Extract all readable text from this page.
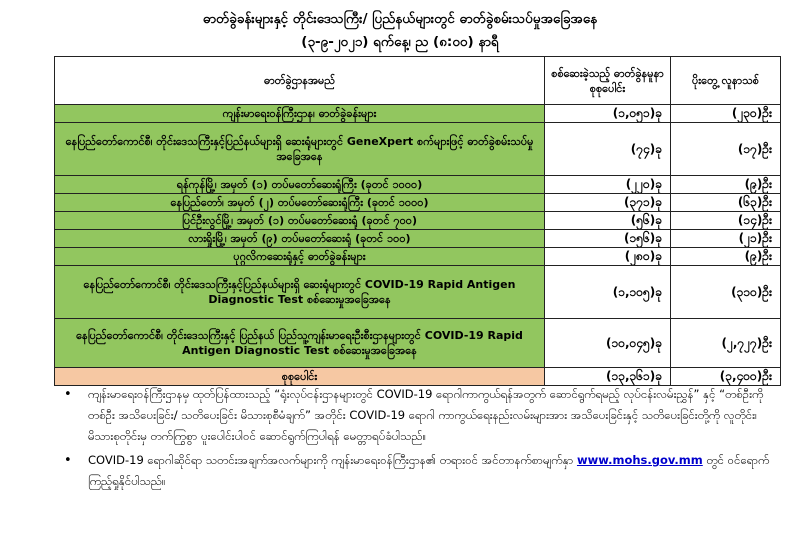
ဓာတ်ခွဲခန်းများနှင့် တိုင်းဒေသကြီး/ ပြည်နယ်များတွင် ဓာတ်ခွဲစမ်းသပ်မှုအခြေအနေ
(၃-၉-၂၀၂၁) ရက်နေ့၊ ည (၈:၀၀) နာရီ
ဓာတ်ခွဲဌာနအမည်	စစ်ဆေးခဲ့သည့် ဓာတ်ခွဲနမူနာ စုစုပေါင်း	ပိုးတွေ့ လူနာသစ်
ကျန်းမာရေးဝန်ကြီးဌာန၊ ဓာတ်ခွဲခန်းများ	(၁,၀၅၁)ခု	(၂၃၀)ဦး
နေပြည်တော်ကောင်စီ၊ တိုင်းဒေသကြီးနှင့်ပြည်နယ်များရှိ ဆေးရုံများတွင် GeneXpert စက်များဖြင့် ဓာတ်ခွဲစမ်းသပ်မှုအခြေအနေ	(၇၄)ခု	(၁၇)ဦး
ရန်ကုန်မြို့၊ အမှတ် (၁) တပ်မတော်ဆေးရုံကြီး (ခုတင် ၁၀၀၀)	(၂၂၀)ခု	(၉)ဦး
နေပြည်တော်၊ အမှတ် (၂) တပ်မတော်ဆေးရုံကြီး (ခုတင် ၁၀၀၀)	(၃၇၁)ခု	(၆၃)ဦး
ပြင်ဦးလွင်မြို့၊ အမှတ် (၁) တပ်မတော်ဆေးရုံ (ခုတင် ၇၀၀)	(၅၆)ခု	(၁၄)ဦး
လားရှိုးမြို့၊ အမှတ် (၉) တပ်မတော်ဆေးရုံ (ခုတင် ၁၀၀)	(၁၅၆)ခု	(၂၁)ဦး
ပုဂ္ဂလိကဆေးရုံနှင့် ဓာတ်ခွဲခန်းများ	(၂၈၀)ခု	(၉)ဦး
နေပြည်တော်ကောင်စီ၊ တိုင်းဒေသကြီးနှင့်ပြည်နယ်များရှိ ဆေးရုံများတွင် COVID-19 Rapid Antigen Diagnostic Test စစ်ဆေးမှုအခြေအနေ	(၁,၁၀၅)ခု	(၃၁၀)ဦး
နေပြည်တော်ကောင်စီ၊ တိုင်းဒေသကြီးနှင့် ပြည်နယ် ပြည်သူ့ကျန်းမာရေးဦးစီးဌာနများတွင် COVID-19 Rapid Antigen Diagnostic Test စစ်ဆေးမှုအခြေအနေ	(၁၀,၀၄၅)ခု	(၂,၇၂၇)ဦး
စုစုပေါင်း	(၁၃,၃၆၁)ခု	(၃,၄၀၀)ဦး
• ကျန်းမာရေးဝန်ကြီးဌာနမှ ထုတ်ပြန်ထားသည့် “ရုံးလုပ်ငန်းဌာနများတွင် COVID-19 ရောဂါကာကွယ်ရန်အတွက် ဆောင်ရွက်ရမည့် လုပ်ငန်းလမ်းညွှန်” နှင့် “တစ်ဦးကိုတစ်ဦး အသိပေးခြင်း/ သတိပေးခြင်း မိသားစုစီမံချက်” အတိုင်း COVID-19 ရောဂါ ကာကွယ်ရေးနည်းလမ်းများအား အသိပေးခြင်းနှင့် သတိပေးခြင်းတို့ကို လူတိုင်း၊ မိသားစုတိုင်းမှ တက်ကြွစွာ ပူးပေါင်းပါဝင် ဆောင်ရွက်ကြပါရန် မေတ္တာရပ်ခံပါသည်။
• COVID-19 ရောဂါဆိုင်ရာ သတင်းအချက်အလက်များကို ကျန်းမာရေးဝန်ကြီးဌာန၏ တရားဝင် အင်တာနက်စာမျက်နှာ www.mohs.gov.mm တွင် ဝင်ရောက်ကြည့်ရှုနိုင်ပါသည်။
